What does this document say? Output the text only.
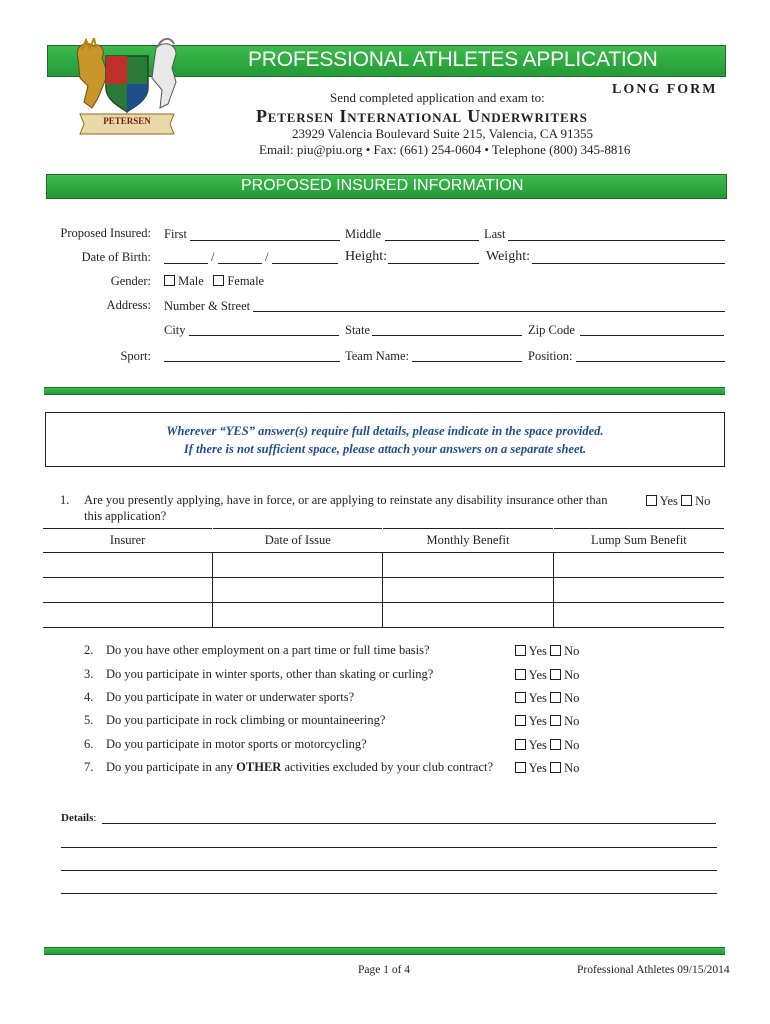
PROFESSIONAL ATHLETES APPLICATION
PETERSEN
LONG FORM
Send completed application and exam to:
Petersen International Underwriters
23929 Valencia Boulevard Suite 215, Valencia, CA 91355
Email: piu@piu.org • Fax: (661) 254-0604 • Telephone (800) 345-8816
PROPOSED INSURED INFORMATION
Proposed Insured: First	Middle	Last
Date of Birth:	/	/	Height:	Weight:
Gender:	Male Female
Address: Number & Street
City	State	Zip Code
Sport:	Team Name:	Position:
Wherever “YES” answer(s) require full details, please indicate in the space provided.
If there is not sufficient space, please attach your answers on a separate sheet.
1. Are you presently applying, have in force, or are applying to reinstate any disability insurance other than
this application?
Yes No
Insurer	Date of Issue	Monthly Benefit	Lump Sum Benefit

2. Do you have other employment on a part time or full time basis?	Yes No
3. Do you participate in winter sports, other than skating or curling?	Yes No
4. Do you participate in water or underwater sports?	Yes No
5. Do you participate in rock climbing or mountaineering?	Yes No
6. Do you participate in motor sports or motorcycling?	Yes No
7. Do you participate in any OTHER activities excluded by your club contract?	Yes No
Details:
Page 1 of 4	Professional Athletes 09/15/2014
